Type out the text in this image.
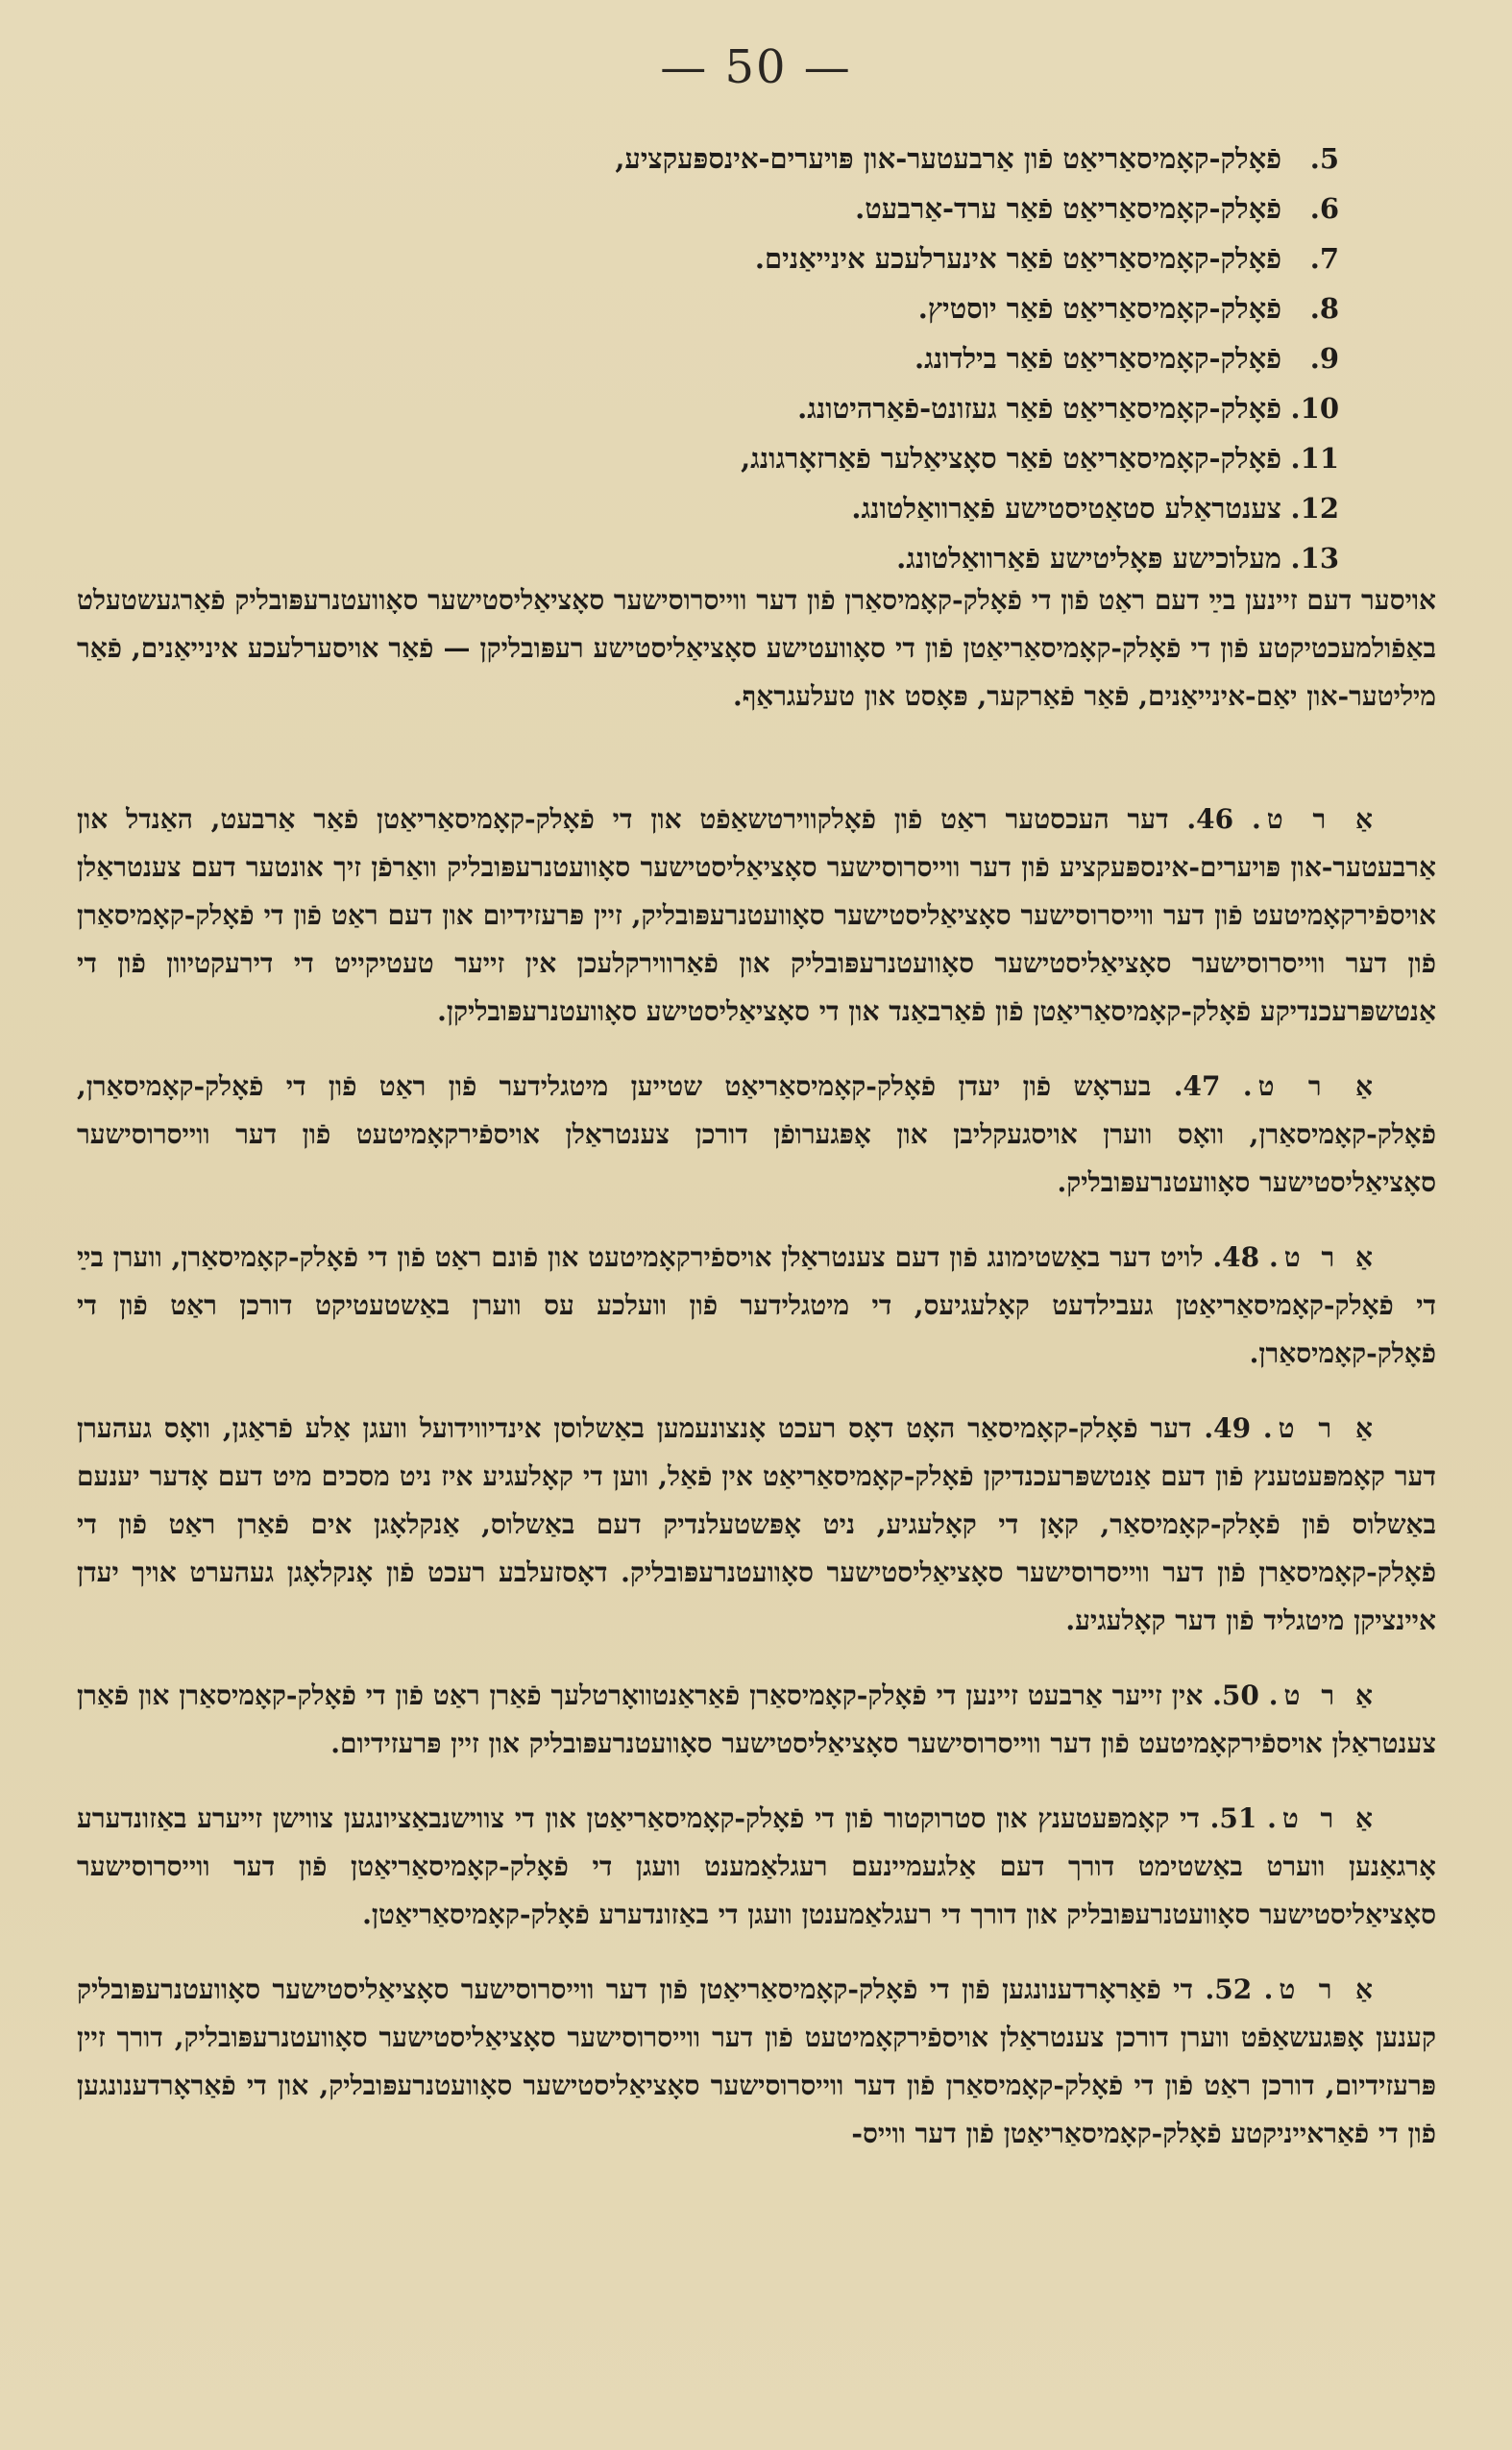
— 50 —
5.
פֿאָלק-קאָמיסאַריאַט פֿון אַרבעטער-און פּויערים-אינספּעקציע,
6.
פֿאָלק-קאָמיסאַריאַט פֿאַר ערד-אַרבעט.
7.
פֿאָלק-קאָמיסאַריאַט פֿאַר אינערלעכע אינייאַנים.
8.
פֿאָלק-קאָמיסאַריאַט פֿאַר יוסטיץ.
9.
פֿאָלק-קאָמיסאַריאַט פֿאַר בילדונג.
10.
פֿאָלק-קאָמיסאַריאַט פֿאַר געזונט-פֿאַרהיטונג.
11.
פֿאָלק-קאָמיסאַריאַט פֿאַר סאָציאַלער פֿאַרזאָרגונג,
12.
צענטראַלע סטאַטיסטישע פֿאַרוואַלטונג.
13.
מעלוכישע פּאָליטישע פֿאַרוואַלטונג.
אויסער דעם זיינען בײַ דעם ראַט פֿון די פֿאָלק-קאָמיסאַרן פֿון דער ווייסרוסישער סאָציאַליסטישער סאָוועטנרעפּובליק פֿאַרגעשטעלט באַפֿולמעכטיקטע פֿון די פֿאָלק-קאָמיסאַריאַטן פֿון די סאָוועטישע סאָציאַליסטישע רעפּובליקן — פֿאַר אויסערלעכע אינייאַנים, פֿאַר מיליטער-און יאַם-אינייאַנים, פֿאַר פֿאַרקער, פּאָסט און טעלעגראַף.

אַ ר ט. 46. דער העכסטער ראַט פֿון פֿאָלקווירטשאַפֿט און די פֿאָלק-קאָמיסאַריאַטן פֿאַר אַרבעט, האַנדל און אַרבעטער-און פּויערים-אינספּעקציע פֿון דער ווייסרוסישער סאָציאַליסטישער סאָוועטנרעפּובליק וואַרפֿן זיך אונטער דעם צענטראַלן אויספֿירקאָמיטעט פֿון דער ווייסרוסישער סאָציאַליסטישער סאָוועטנרעפּובליק, זיין פּרעזידיום און דעם ראַט פֿון די פֿאָלק-קאָמיסאַרן פֿון דער ווייסרוסישער סאָציאַליסטישער סאָוועטנרעפּובליק און פֿאַרווירקלעכן אין זייער טעטיקייט די דירעקטיוון פֿון די אַנטשפּרעכנדיקע פֿאָלק-קאָמיסאַריאַטן פֿון פֿאַרבאַנד און די סאָציאַליסטישע סאָוועטנרעפּובליקן.

אַ ר ט. 47. בעראָש פֿון יעדן פֿאָלק-קאָמיסאַריאַט שטייען מיטגלידער פֿון ראַט פֿון די פֿאָלק-קאָמיסאַרן, פֿאָלק-קאָמיסאַרן, וואָס ווערן אויסגעקליבן און אָפּגערופֿן דורכן צענטראַלן אויספֿירקאָמיטעט פֿון דער ווייסרוסישער סאָציאַליסטישער סאָוועטנרעפּובליק.

אַ ר ט. 48. לויט דער באַשטימונג פֿון דעם צענטראַלן אויספֿירקאָמיטעט און פֿונם ראַט פֿון די פֿאָלק-קאָמיסאַרן, ווערן בײַ די פֿאָלק-קאָמיסאַריאַטן געבילדעט קאָלעגיעס, די מיטגלידער פֿון וועלכע עס ווערן באַשטעטיקט דורכן ראַט פֿון די פֿאָלק-קאָמיסאַרן.

אַ ר ט. 49. דער פֿאָלק-קאָמיסאַר האָט דאָס רעכט אָנצונעמען באַשלוסן אינדיווידועל וועגן אַלע פֿראַגן, וואָס געהערן דער קאָמפּעטענץ פֿון דעם אַנטשפּרעכנדיקן פֿאָלק-קאָמיסאַריאַט אין פֿאַל, ווען די קאָלעגיע איז ניט מסכים מיט דעם אָדער יענעם באַשלוס פֿון פֿאָלק-קאָמיסאַר, קאָן די קאָלעגיע, ניט אָפּשטעלנדיק דעם באַשלוס, אַנקלאָגן אים פֿאַרן ראַט פֿון די פֿאָלק-קאָמיסאַרן פֿון דער ווייסרוסישער סאָציאַליסטישער סאָוועטנרעפּובליק. דאָסזעלבע רעכט פֿון אָנקלאָגן געהערט אויך יעדן איינציקן מיטגליד פֿון דער קאָלעגיע.

אַ ר ט. 50. אין זייער אַרבעט זיינען די פֿאָלק-קאָמיסאַרן פֿאַראַנטוואָרטלעך פֿאַרן ראַט פֿון די פֿאָלק-קאָמיסאַרן און פֿאַרן צענטראַלן אויספֿירקאָמיטעט פֿון דער ווייסרוסישער סאָציאַליסטישער סאָוועטנרעפּובליק און זיין פּרעזידיום.

אַ ר ט. 51. די קאָמפּעטענץ און סטרוקטור פֿון די פֿאָלק-קאָמיסאַריאַטן און די צווישנבאַציונגען צווישן זייערע באַזונדערע אָרגאַנען ווערט באַשטימט דורך דעם אַלגעמיינעם רעגלאַמענט וועגן די פֿאָלק-קאָמיסאַריאַטן פֿון דער ווייסרוסישער סאָציאַליסטישער סאָוועטנרעפּובליק און דורך די רעגלאַמענטן וועגן די באַזונדערע פֿאָלק-קאָמיסאַריאַטן.

אַ ר ט. 52. די פֿאַראָרדענונגען פֿון די פֿאָלק-קאָמיסאַריאַטן פֿון דער ווייסרוסישער סאָציאַליסטישער סאָוועטנרעפּובליק קענען אָפּגעשאַפֿט ווערן דורכן צענטראַלן אויספֿירקאָמיטעט פֿון דער ווייסרוסישער סאָציאַליסטישער סאָוועטנרעפּובליק, דורך זיין פּרעזידיום, דורכן ראַט פֿון די פֿאָלק-קאָמיסאַרן פֿון דער ווייסרוסישער סאָציאַליסטישער סאָוועטנרעפּובליק, און די פֿאַראָרדענונגען פֿון די פֿאַראייניקטע פֿאָלק-קאָמיסאַריאַטן פֿון דער ווייס-
